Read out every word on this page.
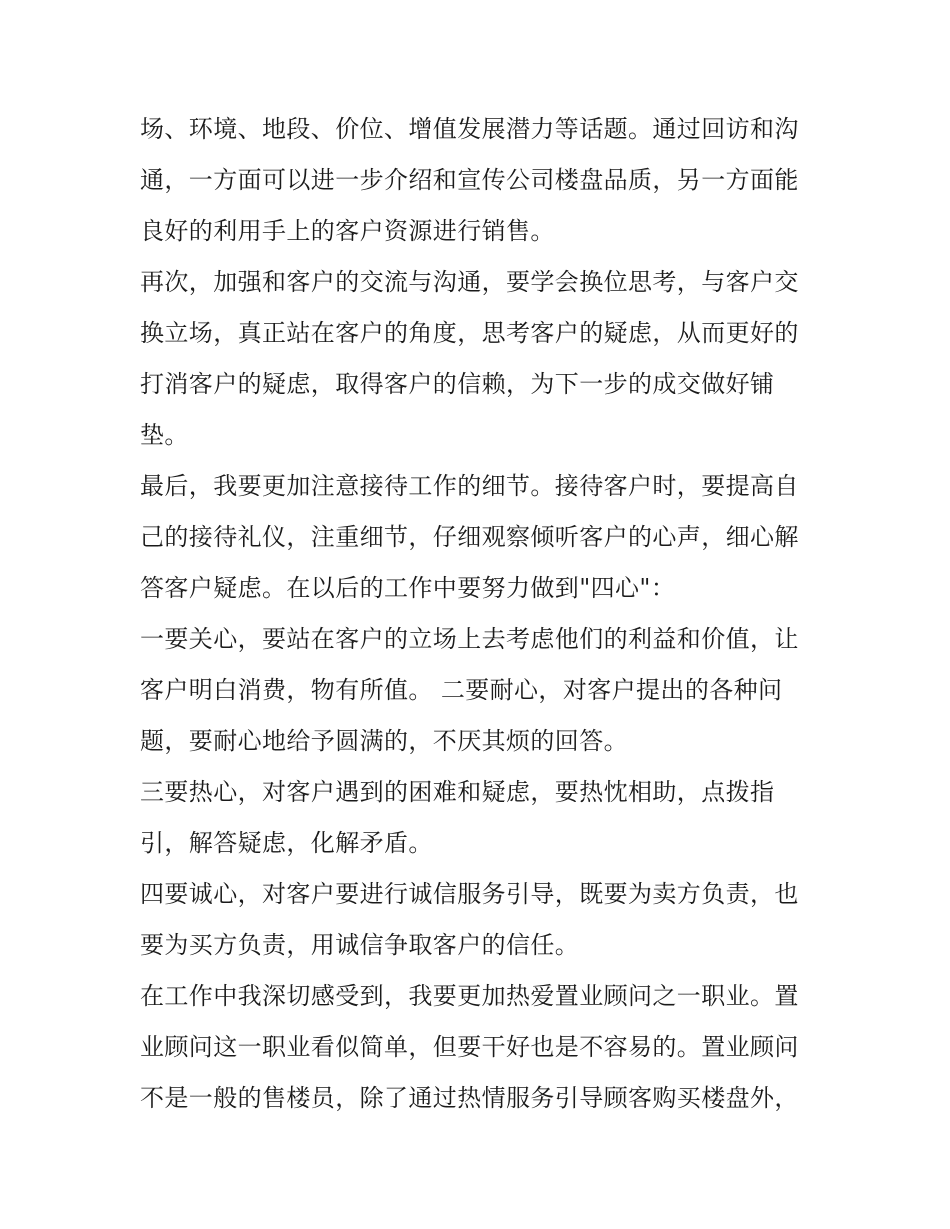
场、环境、地段、价位、增值发展潜力等话题。通过回访和沟
通，一方面可以进一步介绍和宣传公司楼盘品质，另一方面能
良好的利用手上的客户资源进行销售。
再次，加强和客户的交流与沟通，要学会换位思考，与客户交
换立场，真正站在客户的角度，思考客户的疑虑，从而更好的
打消客户的疑虑，取得客户的信赖，为下一步的成交做好铺
垫。
最后，我要更加注意接待工作的细节。接待客户时，要提高自
己的接待礼仪，注重细节，仔细观察倾听客户的心声，细心解
答客户疑虑。在以后的工作中要努力做到"四心"：
一要关心，要站在客户的立场上去考虑他们的利益和价值，让
客户明白消费，物有所值。 二要耐心，对客户提出的各种问
题，要耐心地给予圆满的，不厌其烦的回答。
三要热心，对客户遇到的困难和疑虑，要热忱相助，点拨指
引，解答疑虑，化解矛盾。
四要诚心，对客户要进行诚信服务引导，既要为卖方负责，也
要为买方负责，用诚信争取客户的信任。
在工作中我深切感受到，我要更加热爱置业顾问之一职业。置
业顾问这一职业看似简单，但要干好也是不容易的。置业顾问
不是一般的售楼员，除了通过热情服务引导顾客购买楼盘外，
